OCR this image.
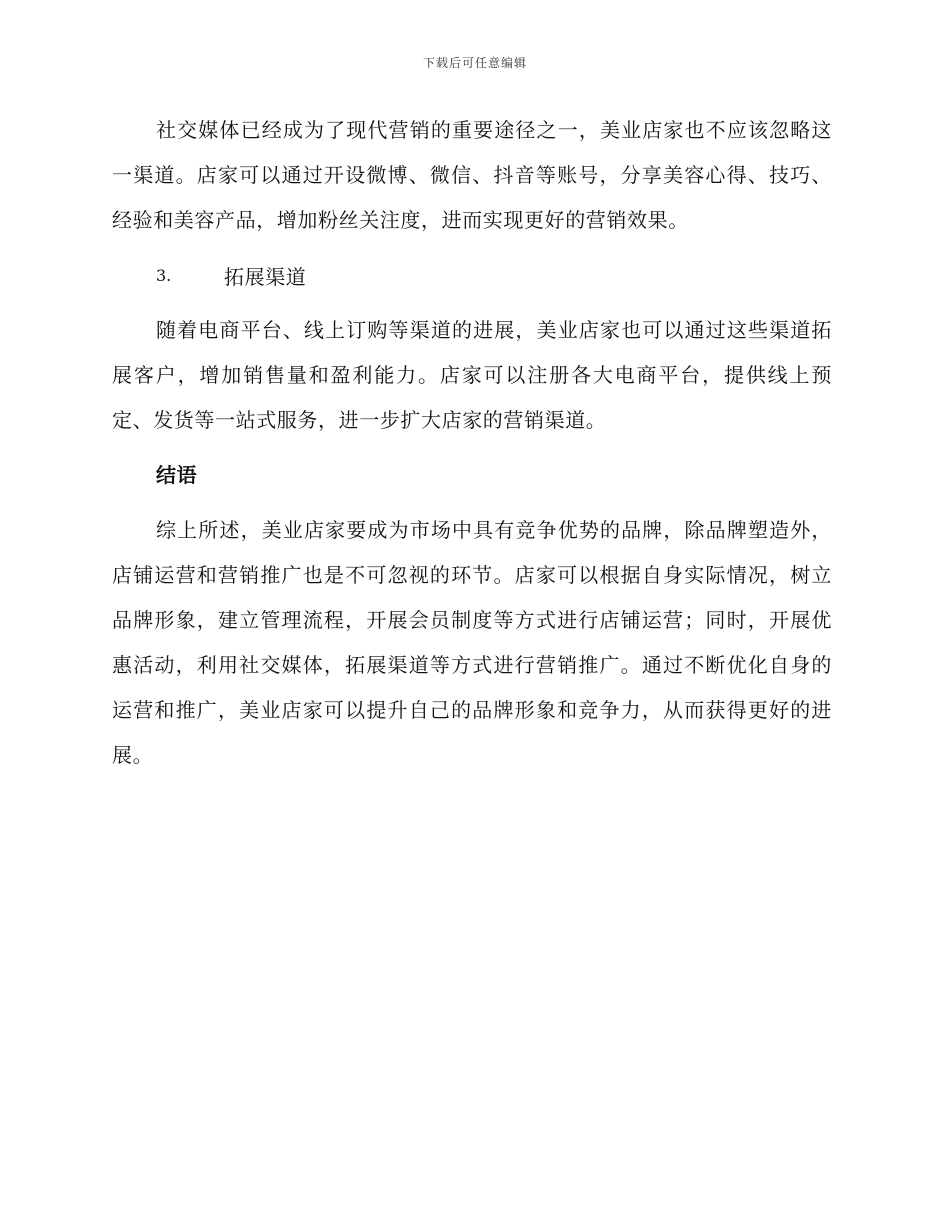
下载后可任意编辑

社交媒体已经成为了现代营销的重要途径之一，美业店家也不应该忽略这一渠道。店家可以通过开设微博、微信、抖音等账号，分享美容心得、技巧、经验和美容产品，增加粉丝关注度，进而实现更好的营销效果。

3.	拓展渠道

随着电商平台、线上订购等渠道的进展，美业店家也可以通过这些渠道拓展客户，增加销售量和盈利能力。店家可以注册各大电商平台，提供线上预定、发货等一站式服务，进一步扩大店家的营销渠道。

结语

综上所述，美业店家要成为市场中具有竞争优势的品牌，除品牌塑造外，店铺运营和营销推广也是不可忽视的环节。店家可以根据自身实际情况，树立品牌形象，建立管理流程，开展会员制度等方式进行店铺运营；同时，开展优惠活动，利用社交媒体，拓展渠道等方式进行营销推广。通过不断优化自身的运营和推广，美业店家可以提升自己的品牌形象和竞争力，从而获得更好的进展。
